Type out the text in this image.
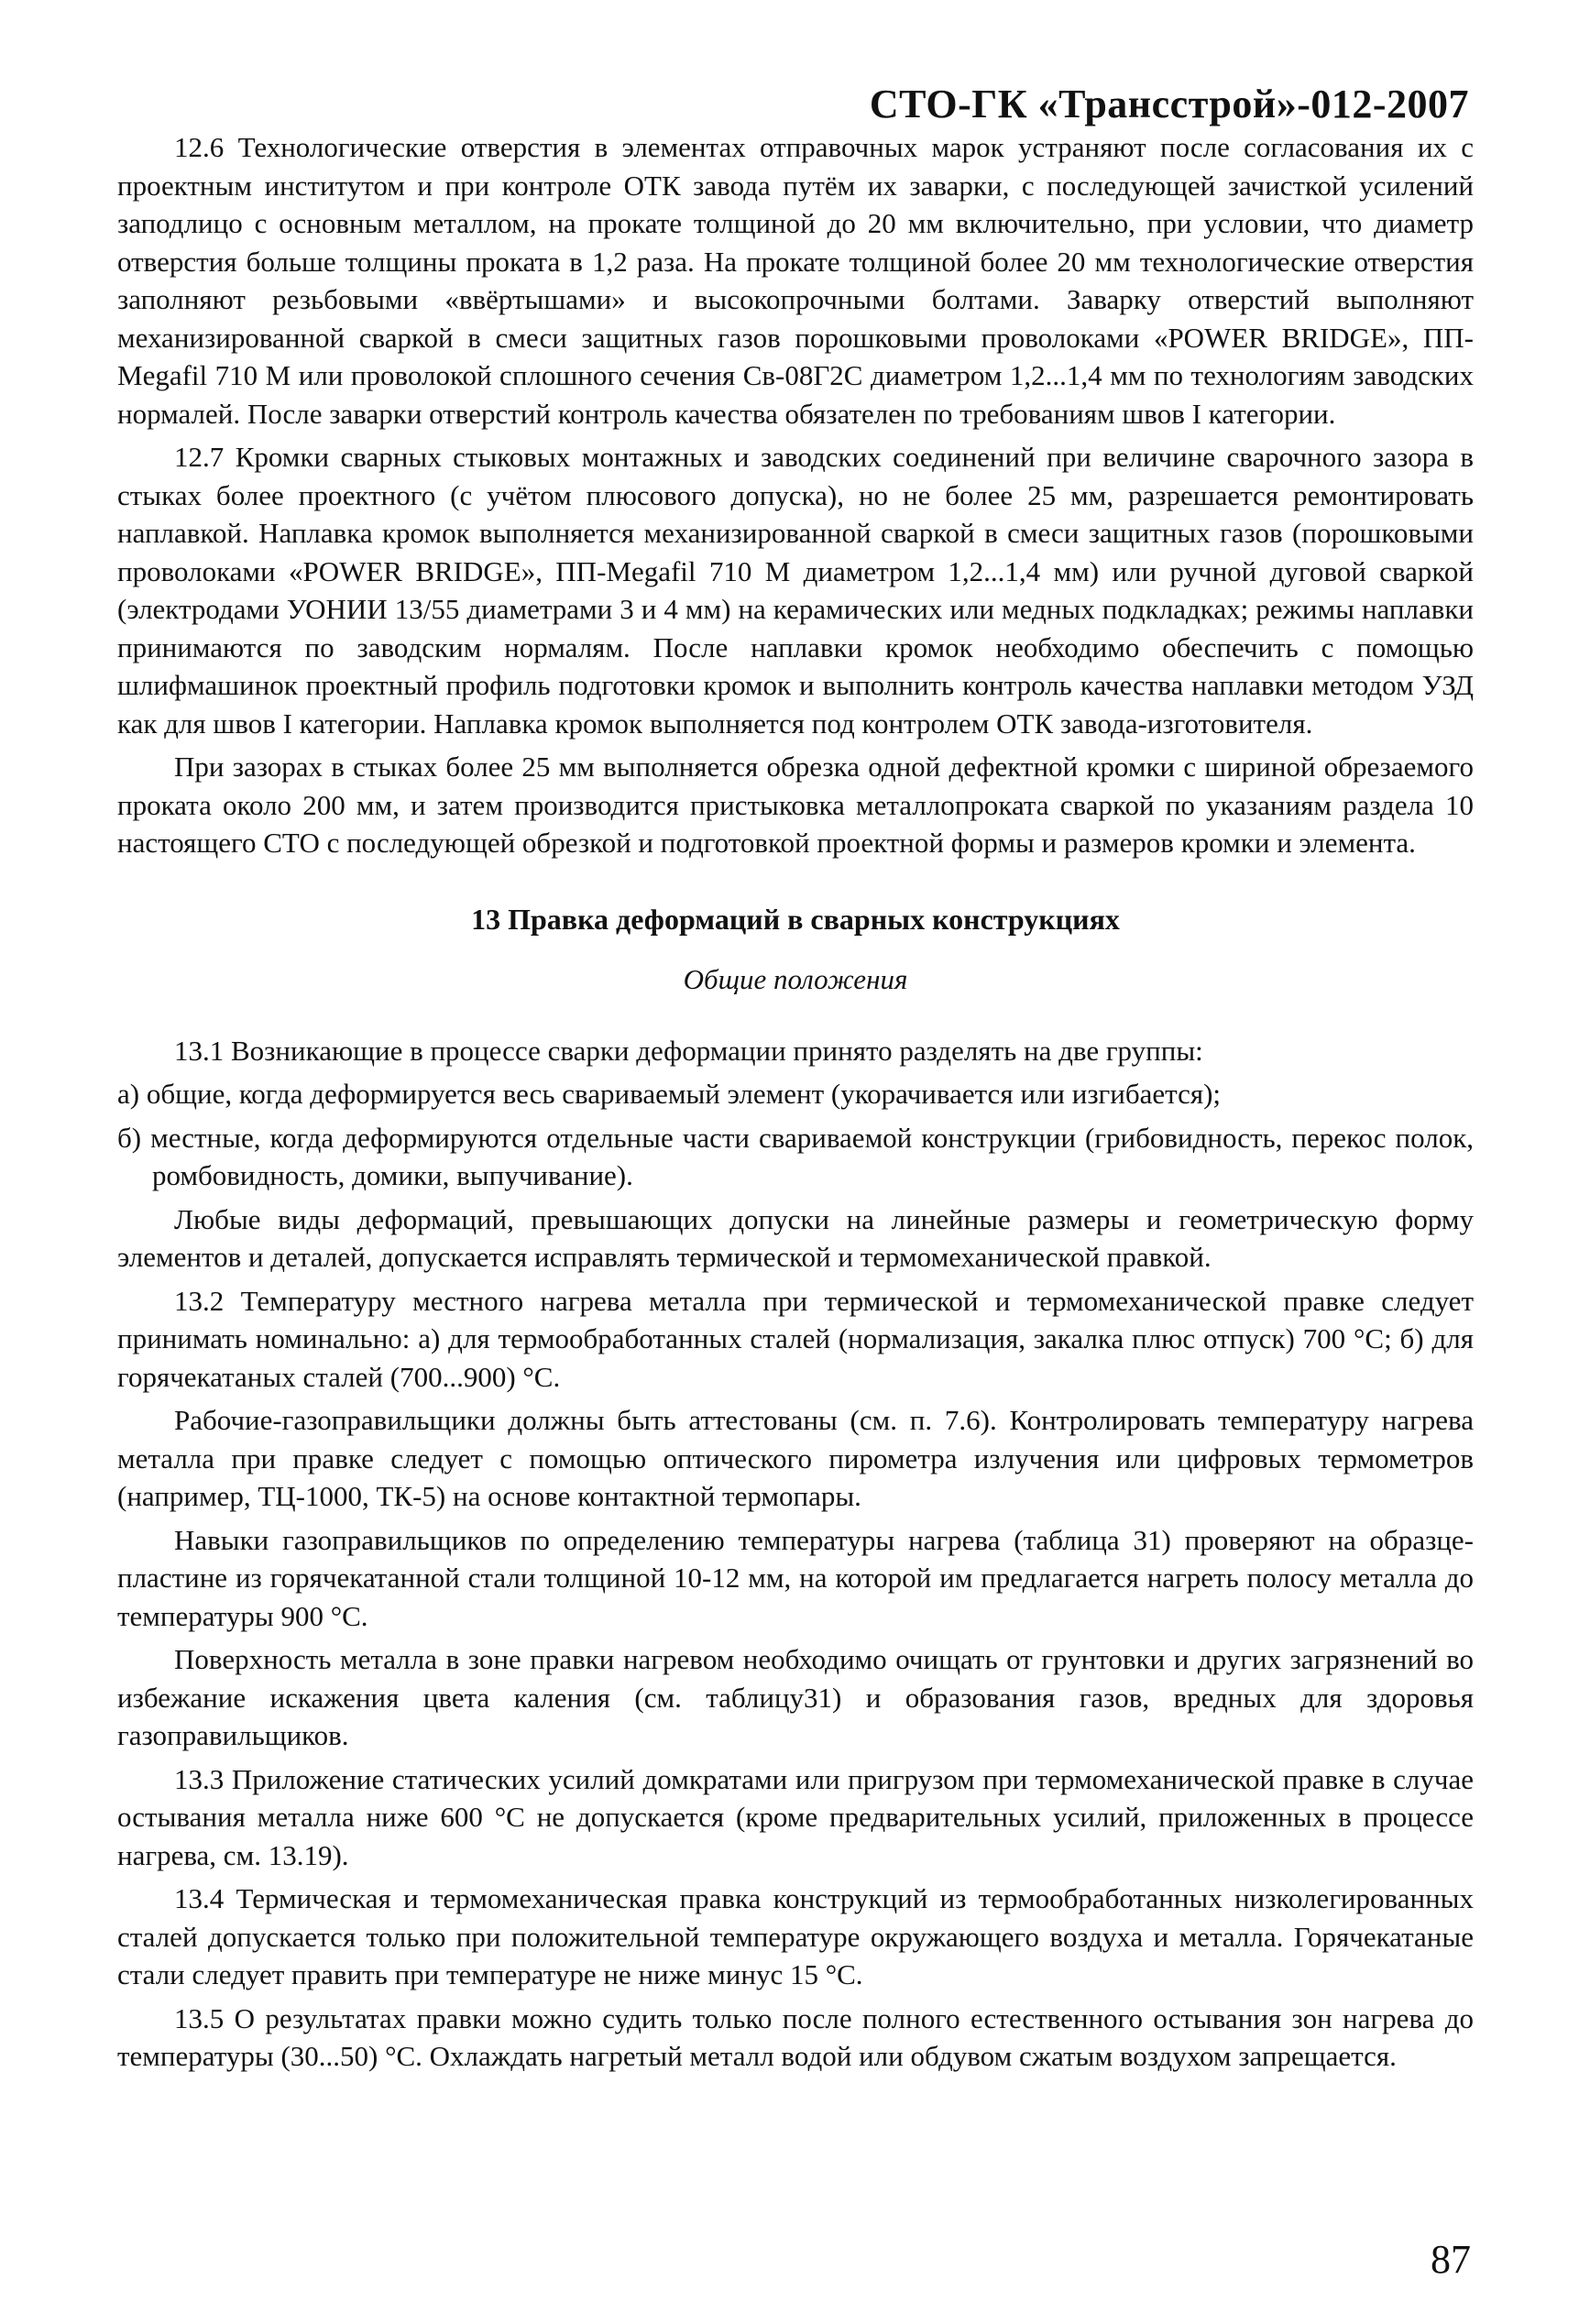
СТО-ГК «Трансстрой»-012-2007

12.6 Технологические отверстия в элементах отправочных марок устраняют после согласования их с проектным институтом и при контроле ОТК завода путём их заварки, с последующей зачисткой усилений заподлицо с основным металлом, на прокате толщиной до 20 мм включительно, при условии, что диаметр отверстия больше толщины проката в 1,2 раза. На прокате толщиной более 20 мм технологические отверстия заполняют резьбовыми «ввёртышами» и высокопрочными болтами. Заварку отверстий выполняют механизированной сваркой в смеси защитных газов порошковыми проволоками «POWER BRIDGE», ПП-Megafil 710 M или проволокой сплошного сечения Св-08Г2С диаметром 1,2...1,4 мм по технологиям заводских нормалей. После заварки отверстий контроль качества обязателен по требованиям швов I категории.

12.7 Кромки сварных стыковых монтажных и заводских соединений при величине сварочного зазора в стыках более проектного (с учётом плюсового допуска), но не более 25 мм, разрешается ремонтировать наплавкой. Наплавка кромок выполняется механизированной сваркой в смеси защитных газов (порошковыми проволоками «POWER BRIDGE», ПП-Megafil 710 M диаметром 1,2...1,4 мм) или ручной дуговой сваркой (электродами УОНИИ 13/55 диаметрами 3 и 4 мм) на керамических или медных подкладках; режимы наплавки принимаются по заводским нормалям. После наплавки кромок необходимо обеспечить с помощью шлифмашинок проектный профиль подготовки кромок и выполнить контроль качества наплавки методом УЗД как для швов I категории. Наплавка кромок выполняется под контролем ОТК завода-изготовителя.

При зазорах в стыках более 25 мм выполняется обрезка одной дефектной кромки с шириной обрезаемого проката около 200 мм, и затем производится пристыковка металлопроката сваркой по указаниям раздела 10 настоящего СТО с последующей обрезкой и подготовкой проектной формы и размеров кромки и элемента.

13 Правка деформаций в сварных конструкциях
Общие положения

13.1 Возникающие в процессе сварки деформации принято разделять на две группы:

а) общие, когда деформируется весь свариваемый элемент (укорачивается или изгибается);

б) местные, когда деформируются отдельные части свариваемой конструкции (грибовидность, перекос полок, ромбовидность, домики, выпучивание).

Любые виды деформаций, превышающих допуски на линейные размеры и геометрическую форму элементов и деталей, допускается исправлять термической и термомеханической правкой.

13.2 Температуру местного нагрева металла при термической и термомеханической правке следует принимать номинально: а) для термообработанных сталей (нормализация, закалка плюс отпуск) 700 °С; б) для горячекатаных сталей (700...900) °С.

Рабочие-газоправильщики должны быть аттестованы (см. п. 7.6). Контролировать температуру нагрева металла при правке следует с помощью оптического пирометра излучения или цифровых термометров (например, ТЦ-1000, ТК-5) на основе контактной термопары.

Навыки газоправильщиков по определению температуры нагрева (таблица 31) проверяют на образце-пластине из горячекатанной стали толщиной 10-12 мм, на которой им предлагается нагреть полосу металла до температуры 900 °С.

Поверхность металла в зоне правки нагревом необходимо очищать от грунтовки и других загрязнений во избежание искажения цвета каления (см. таблицу31) и образования газов, вредных для здоровья газоправильщиков.

13.3 Приложение статических усилий домкратами или пригрузом при термомеханической правке в случае остывания металла ниже 600 °С не допускается (кроме предварительных усилий, приложенных в процессе нагрева, см. 13.19).

13.4 Термическая и термомеханическая правка конструкций из термообработанных низколегированных сталей допускается только при положительной температуре окружающего воздуха и металла. Горячекатаные стали следует править при температуре не ниже минус 15 °С.

13.5 О результатах правки можно судить только после полного естественного остывания зон нагрева до температуры (30...50) °С. Охлаждать нагретый металл водой или обдувом сжатым воздухом запрещается.

87
